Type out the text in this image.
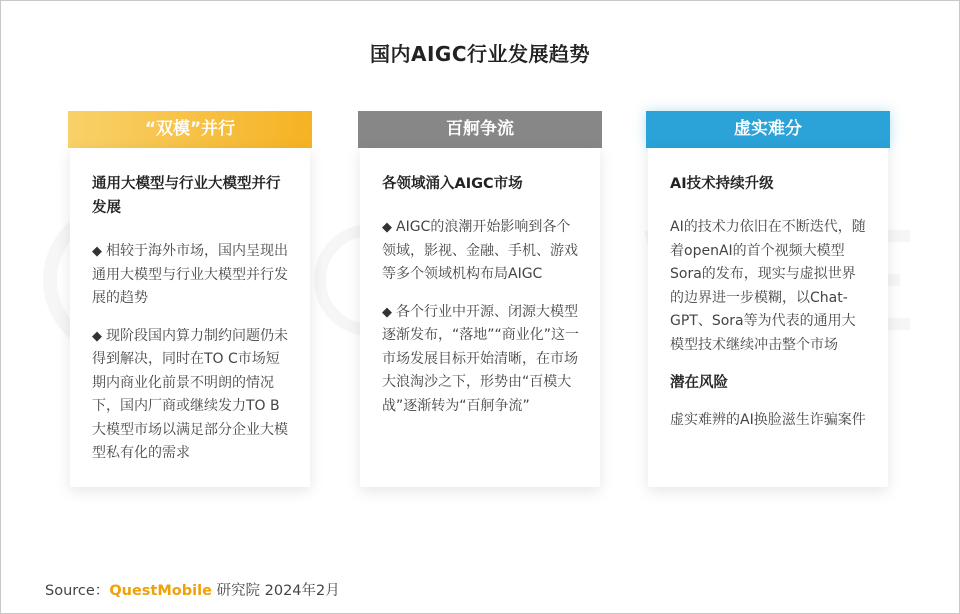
国内AIGC行业发展趋势
“双模”并行
通用大模型与行业大模型并行发展
◆ 相较于海外市场，国内呈现出通用大模型与行业大模型并行发展的趋势
◆ 现阶段国内算力制约问题仍未得到解决，同时在TO C市场短期内商业化前景不明朗的情况下，国内厂商或继续发力TO B大模型市场以满足部分企业大模型私有化的需求
百舸争流
各领域涌入AIGC市场
◆ AIGC的浪潮开始影响到各个领域，影视、金融、手机、游戏等多个领域机构布局AIGC
◆ 各个行业中开源、闭源大模型逐渐发布，“落地”“商业化”这一市场发展目标开始清晰，在市场大浪淘沙之下，形势由“百模大战”逐渐转为“百舸争流”
虚实难分
AI技术持续升级
AI的技术力依旧在不断迭代，随着openAI的首个视频大模型Sora的发布，现实与虚拟世界的边界进一步模糊，以Chat-GPT、Sora等为代表的通用大模型技术继续冲击整个市场
潜在风险
虚实难辨的AI换脸滋生诈骗案件
Source：QuestMobile 研究院 2024年2月
